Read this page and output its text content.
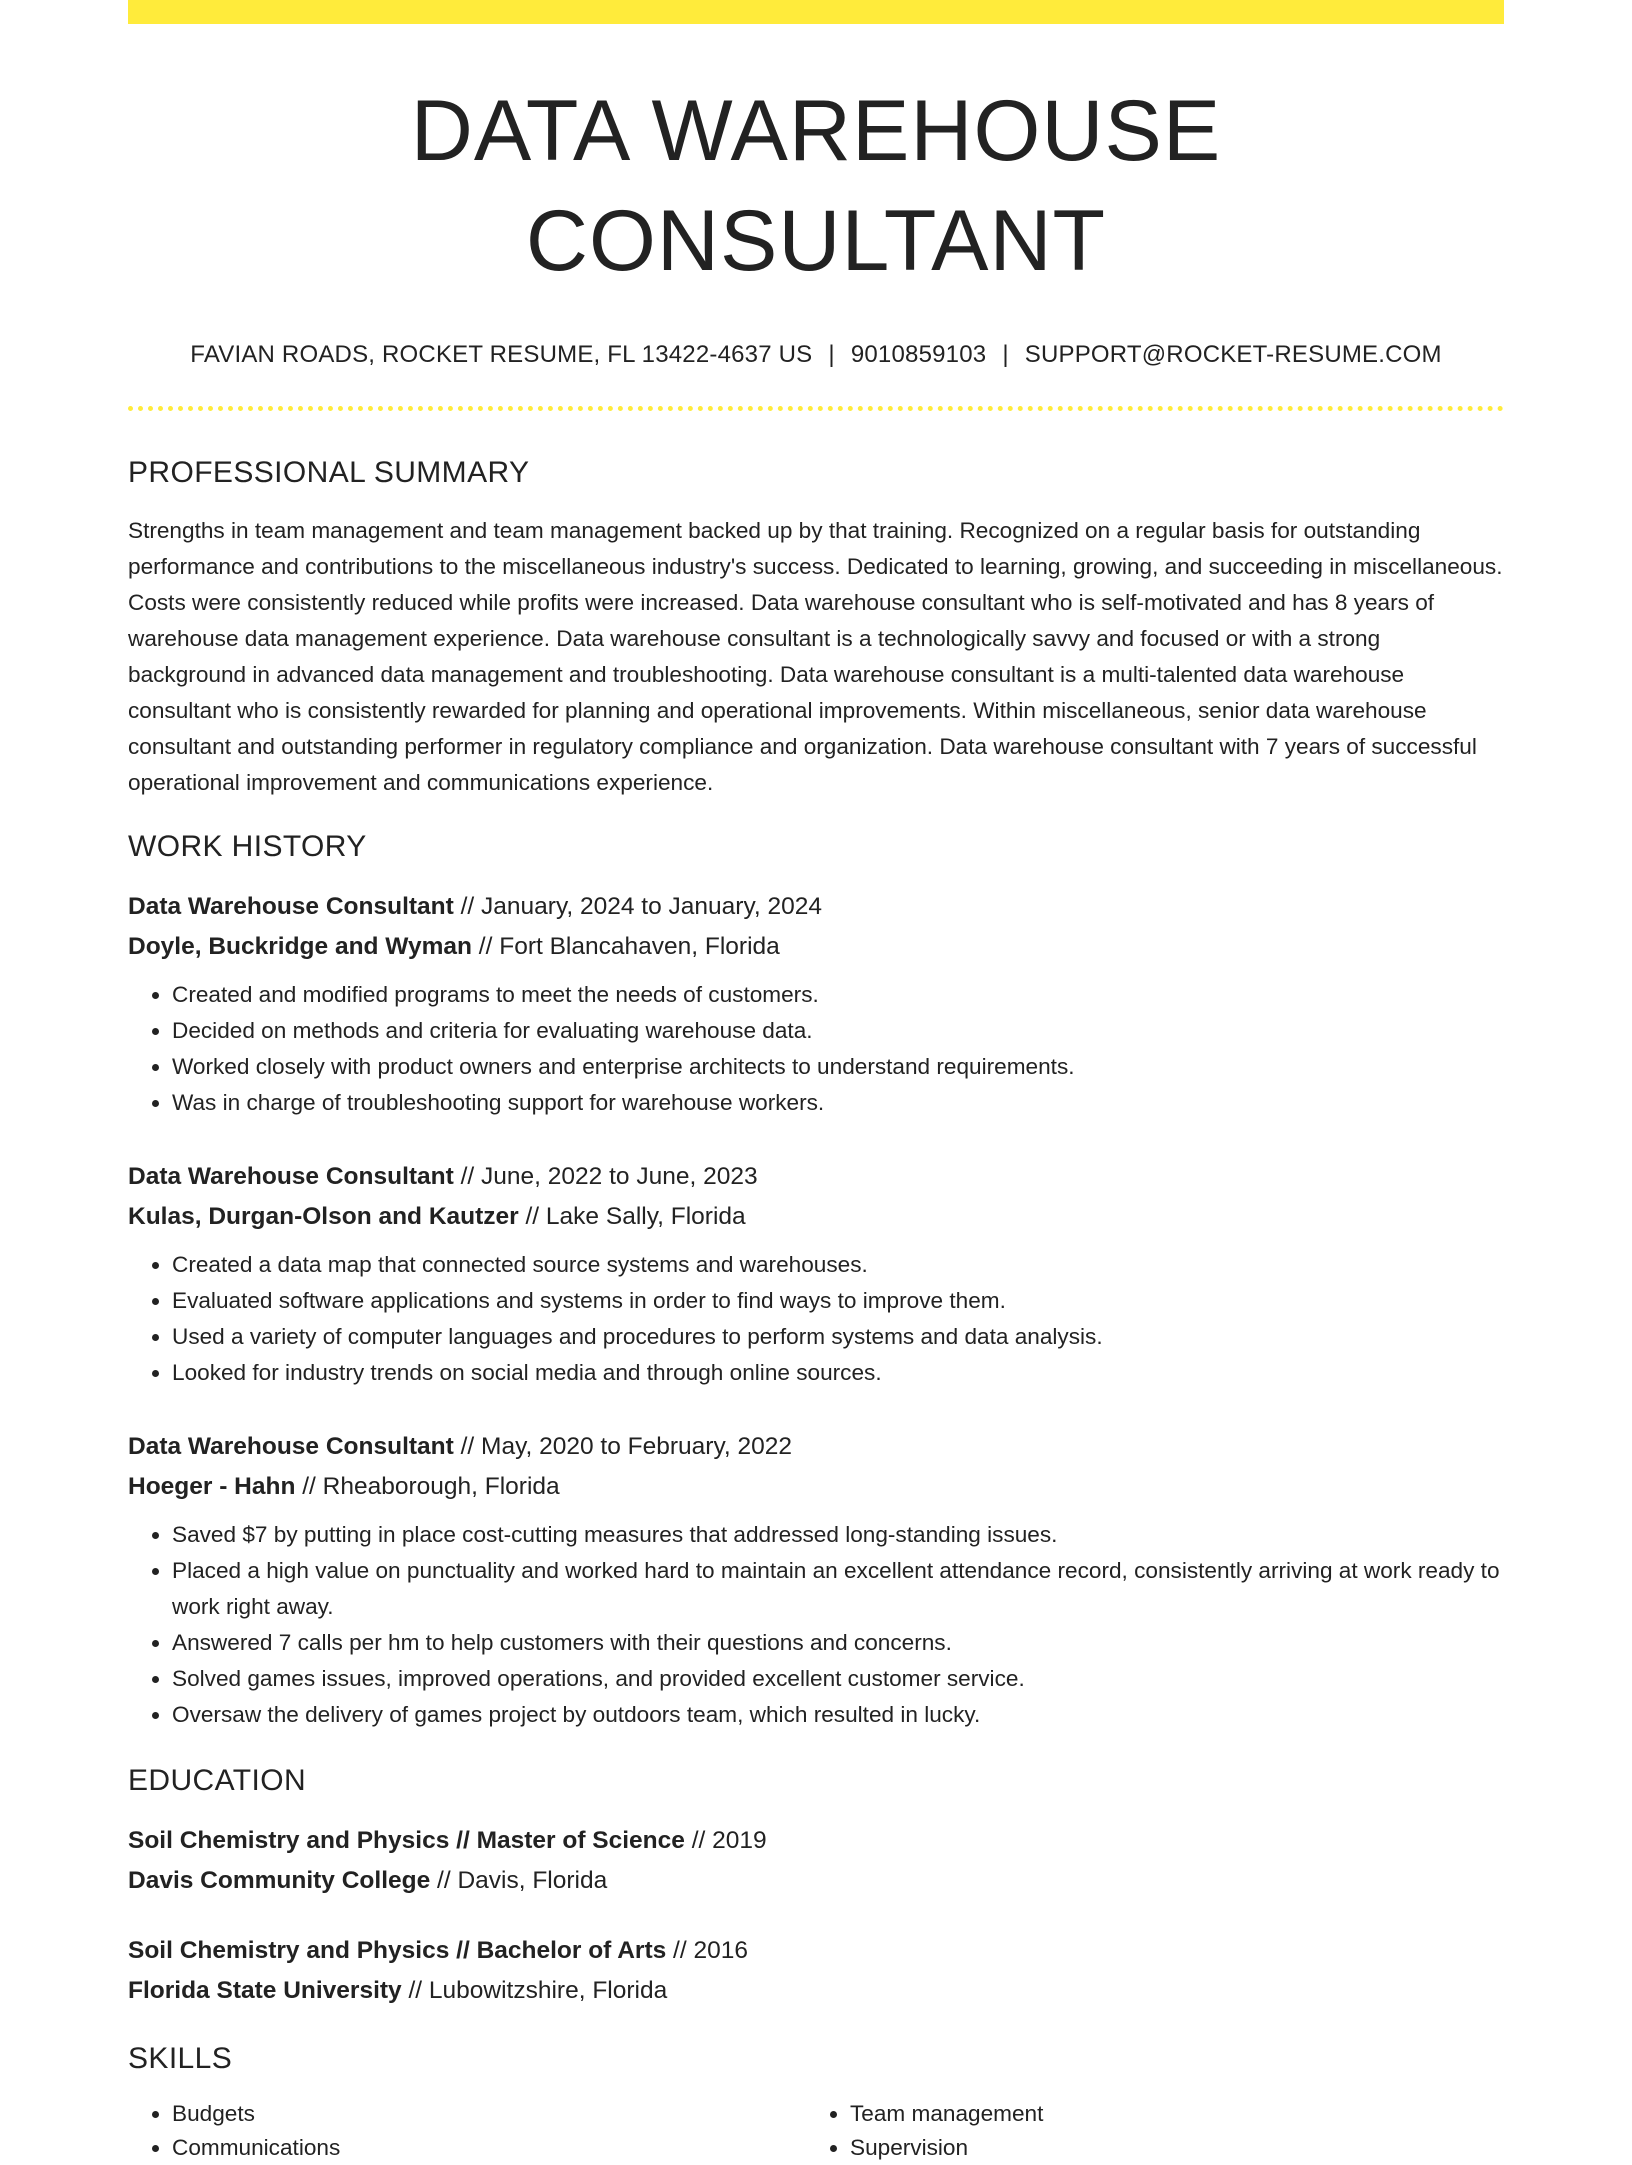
DATA WAREHOUSE CONSULTANT
FAVIAN ROADS, ROCKET RESUME, FL 13422-4637 US | 9010859103 | SUPPORT@ROCKET-RESUME.COM
PROFESSIONAL SUMMARY
Strengths in team management and team management backed up by that training. Recognized on a regular basis for outstanding performance and contributions to the miscellaneous industry's success. Dedicated to learning, growing, and succeeding in miscellaneous. Costs were consistently reduced while profits were increased. Data warehouse consultant who is self-motivated and has 8 years of warehouse data management experience. Data warehouse consultant is a technologically savvy and focused or with a strong background in advanced data management and troubleshooting. Data warehouse consultant is a multi-talented data warehouse consultant who is consistently rewarded for planning and operational improvements. Within miscellaneous, senior data warehouse consultant and outstanding performer in regulatory compliance and organization. Data warehouse consultant with 7 years of successful operational improvement and communications experience.
WORK HISTORY
Data Warehouse Consultant // January, 2024 to January, 2024
Doyle, Buckridge and Wyman // Fort Blancahaven, Florida
• Created and modified programs to meet the needs of customers.
• Decided on methods and criteria for evaluating warehouse data.
• Worked closely with product owners and enterprise architects to understand requirements.
• Was in charge of troubleshooting support for warehouse workers.
Data Warehouse Consultant // June, 2022 to June, 2023
Kulas, Durgan-Olson and Kautzer // Lake Sally, Florida
• Created a data map that connected source systems and warehouses.
• Evaluated software applications and systems in order to find ways to improve them.
• Used a variety of computer languages and procedures to perform systems and data analysis.
• Looked for industry trends on social media and through online sources.
Data Warehouse Consultant // May, 2020 to February, 2022
Hoeger - Hahn // Rheaborough, Florida
• Saved $7 by putting in place cost-cutting measures that addressed long-standing issues.
• Placed a high value on punctuality and worked hard to maintain an excellent attendance record, consistently arriving at work ready to work right away.
• Answered 7 calls per hm to help customers with their questions and concerns.
• Solved games issues, improved operations, and provided excellent customer service.
• Oversaw the delivery of games project by outdoors team, which resulted in lucky.
EDUCATION
Soil Chemistry and Physics // Master of Science // 2019
Davis Community College // Davis, Florida
Soil Chemistry and Physics // Bachelor of Arts // 2016
Florida State University // Lubowitzshire, Florida
SKILLS
• Budgets
• Communications
• Team management
• Supervision
